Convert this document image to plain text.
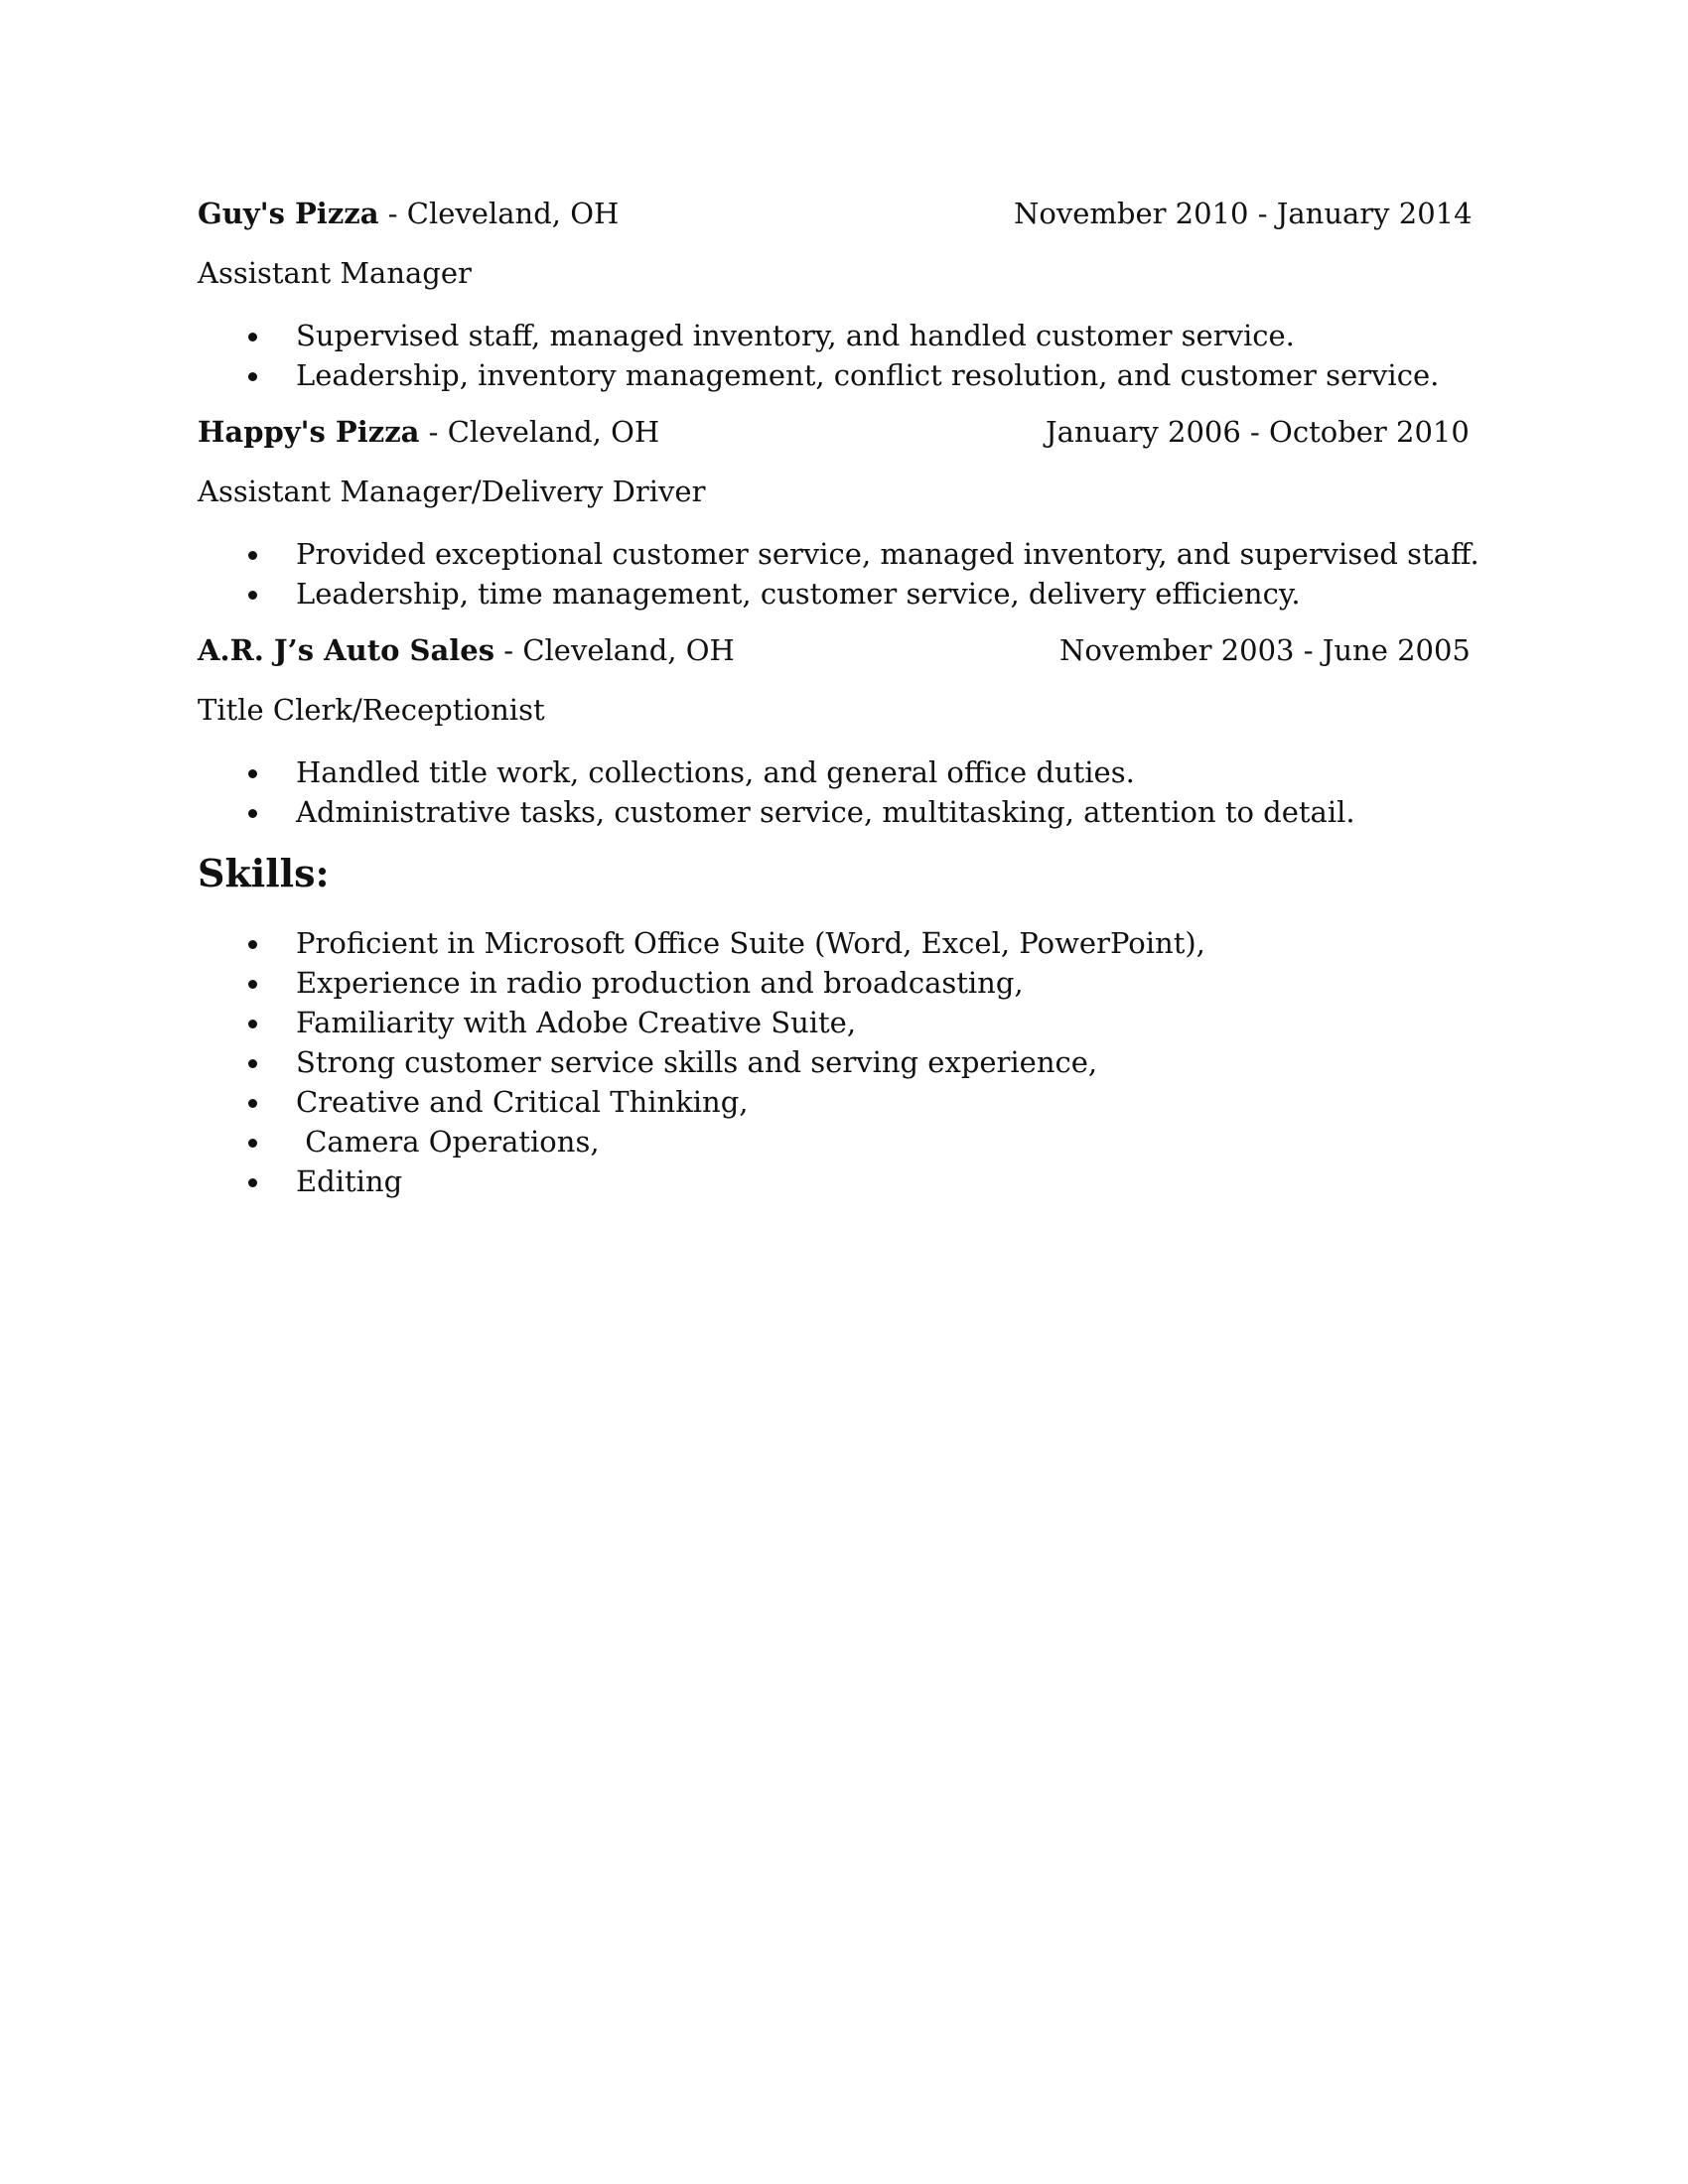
Guy's Pizza - Cleveland, OH	November 2010 - January 2014
Assistant Manager
Supervised staff, managed inventory, and handled customer service.
Leadership, inventory management, conflict resolution, and customer service.
Happy's Pizza - Cleveland, OH	January 2006 - October 2010
Assistant Manager/Delivery Driver
Provided exceptional customer service, managed inventory, and supervised staff.
Leadership, time management, customer service, delivery efficiency.
A.R. J’s Auto Sales - Cleveland, OH	November 2003 - June 2005
Title Clerk/Receptionist
Handled title work, collections, and general office duties.
Administrative tasks, customer service, multitasking, attention to detail.
Skills:
Proficient in Microsoft Office Suite (Word, Excel, PowerPoint),
Experience in radio production and broadcasting,
Familiarity with Adobe Creative Suite,
Strong customer service skills and serving experience,
Creative and Critical Thinking,
Camera Operations,
Editing
